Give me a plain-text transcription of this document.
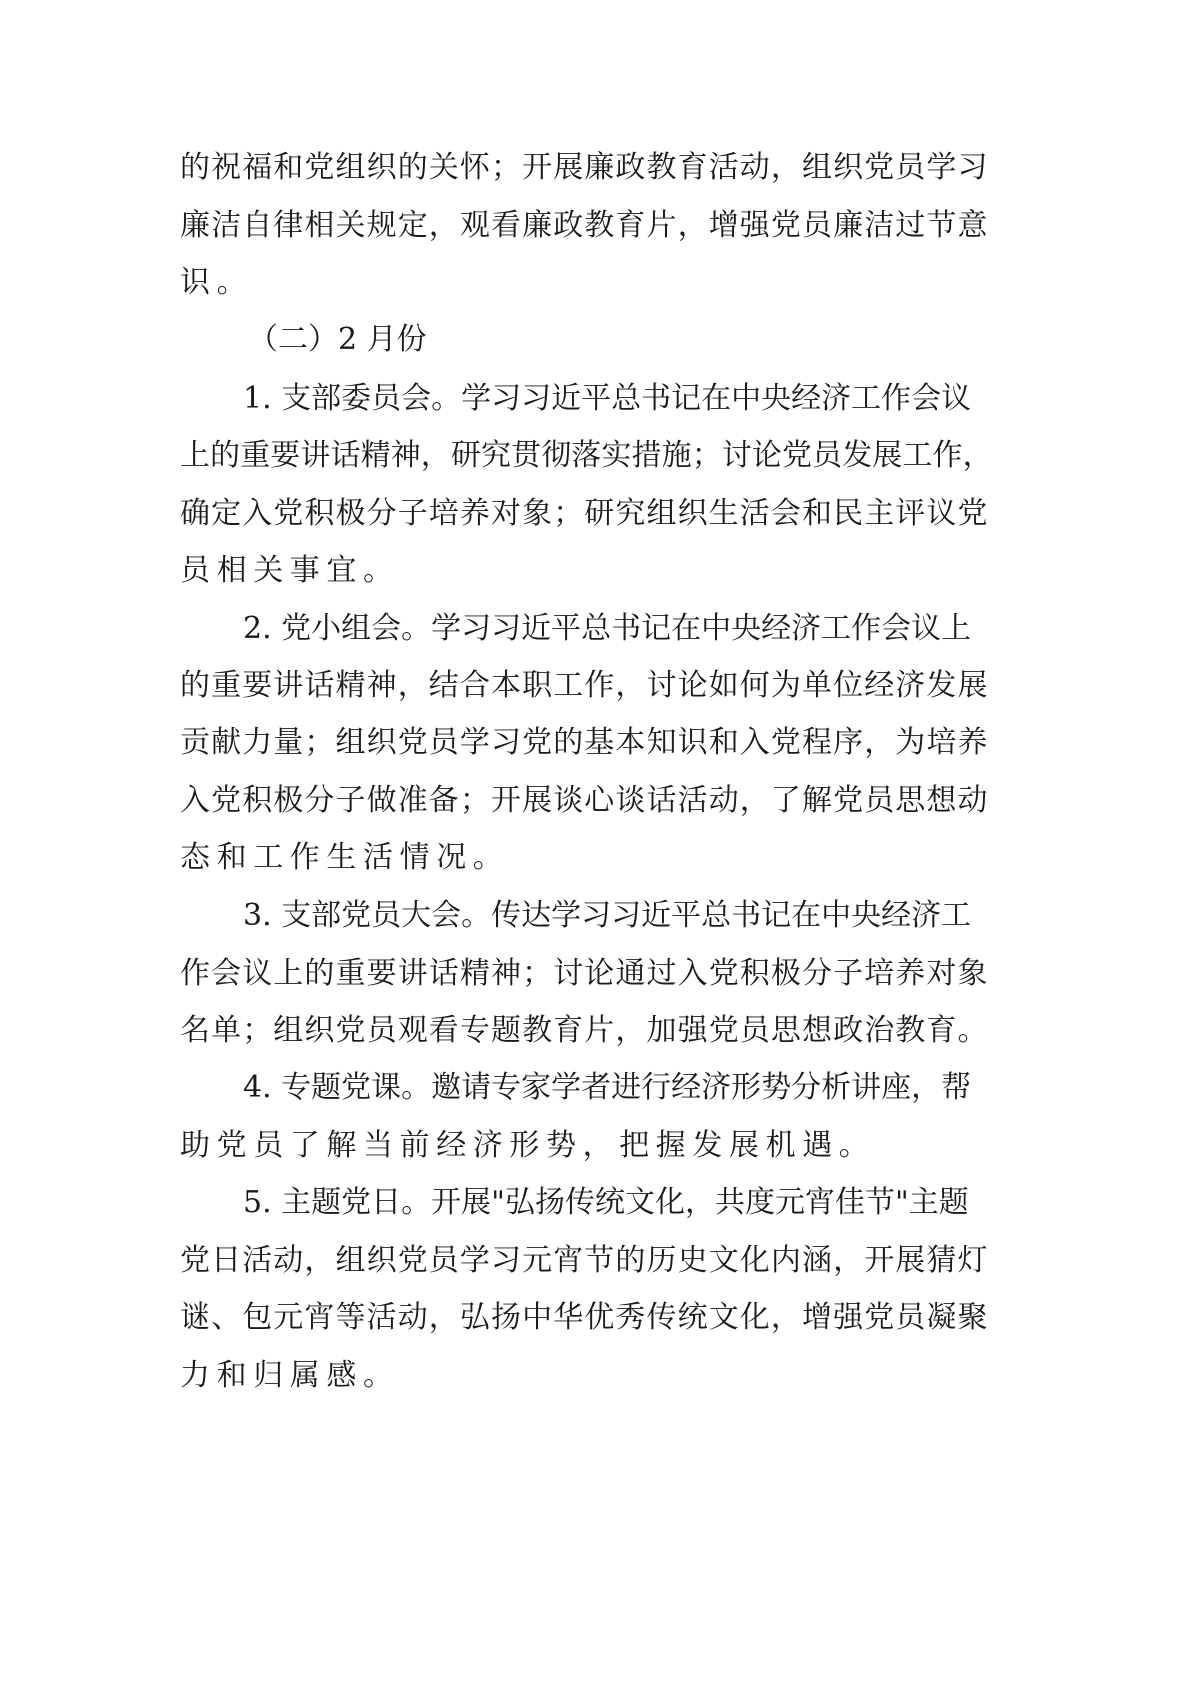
的祝福和党组织的关怀；开展廉政教育活动，组织党员学习
廉洁自律相关规定，观看廉政教育片，增强党员廉洁过节意
识。
（二）2 月份
1. 支部委员会。学习习近平总书记在中央经济工作会议
上的重要讲话精神，研究贯彻落实措施；讨论党员发展工作，
确定入党积极分子培养对象；研究组织生活会和民主评议党
员相关事宜。
2. 党小组会。学习习近平总书记在中央经济工作会议上
的重要讲话精神，结合本职工作，讨论如何为单位经济发展
贡献力量；组织党员学习党的基本知识和入党程序，为培养
入党积极分子做准备；开展谈心谈话活动，了解党员思想动
态和工作生活情况。
3. 支部党员大会。传达学习习近平总书记在中央经济工
作会议上的重要讲话精神；讨论通过入党积极分子培养对象
名单；组织党员观看专题教育片，加强党员思想政治教育。
4. 专题党课。邀请专家学者进行经济形势分析讲座，帮
助党员了解当前经济形势，把握发展机遇。
5. 主题党日。开展"弘扬传统文化，共度元宵佳节"主题
党日活动，组织党员学习元宵节的历史文化内涵，开展猜灯
谜、包元宵等活动，弘扬中华优秀传统文化，增强党员凝聚
力和归属感。
